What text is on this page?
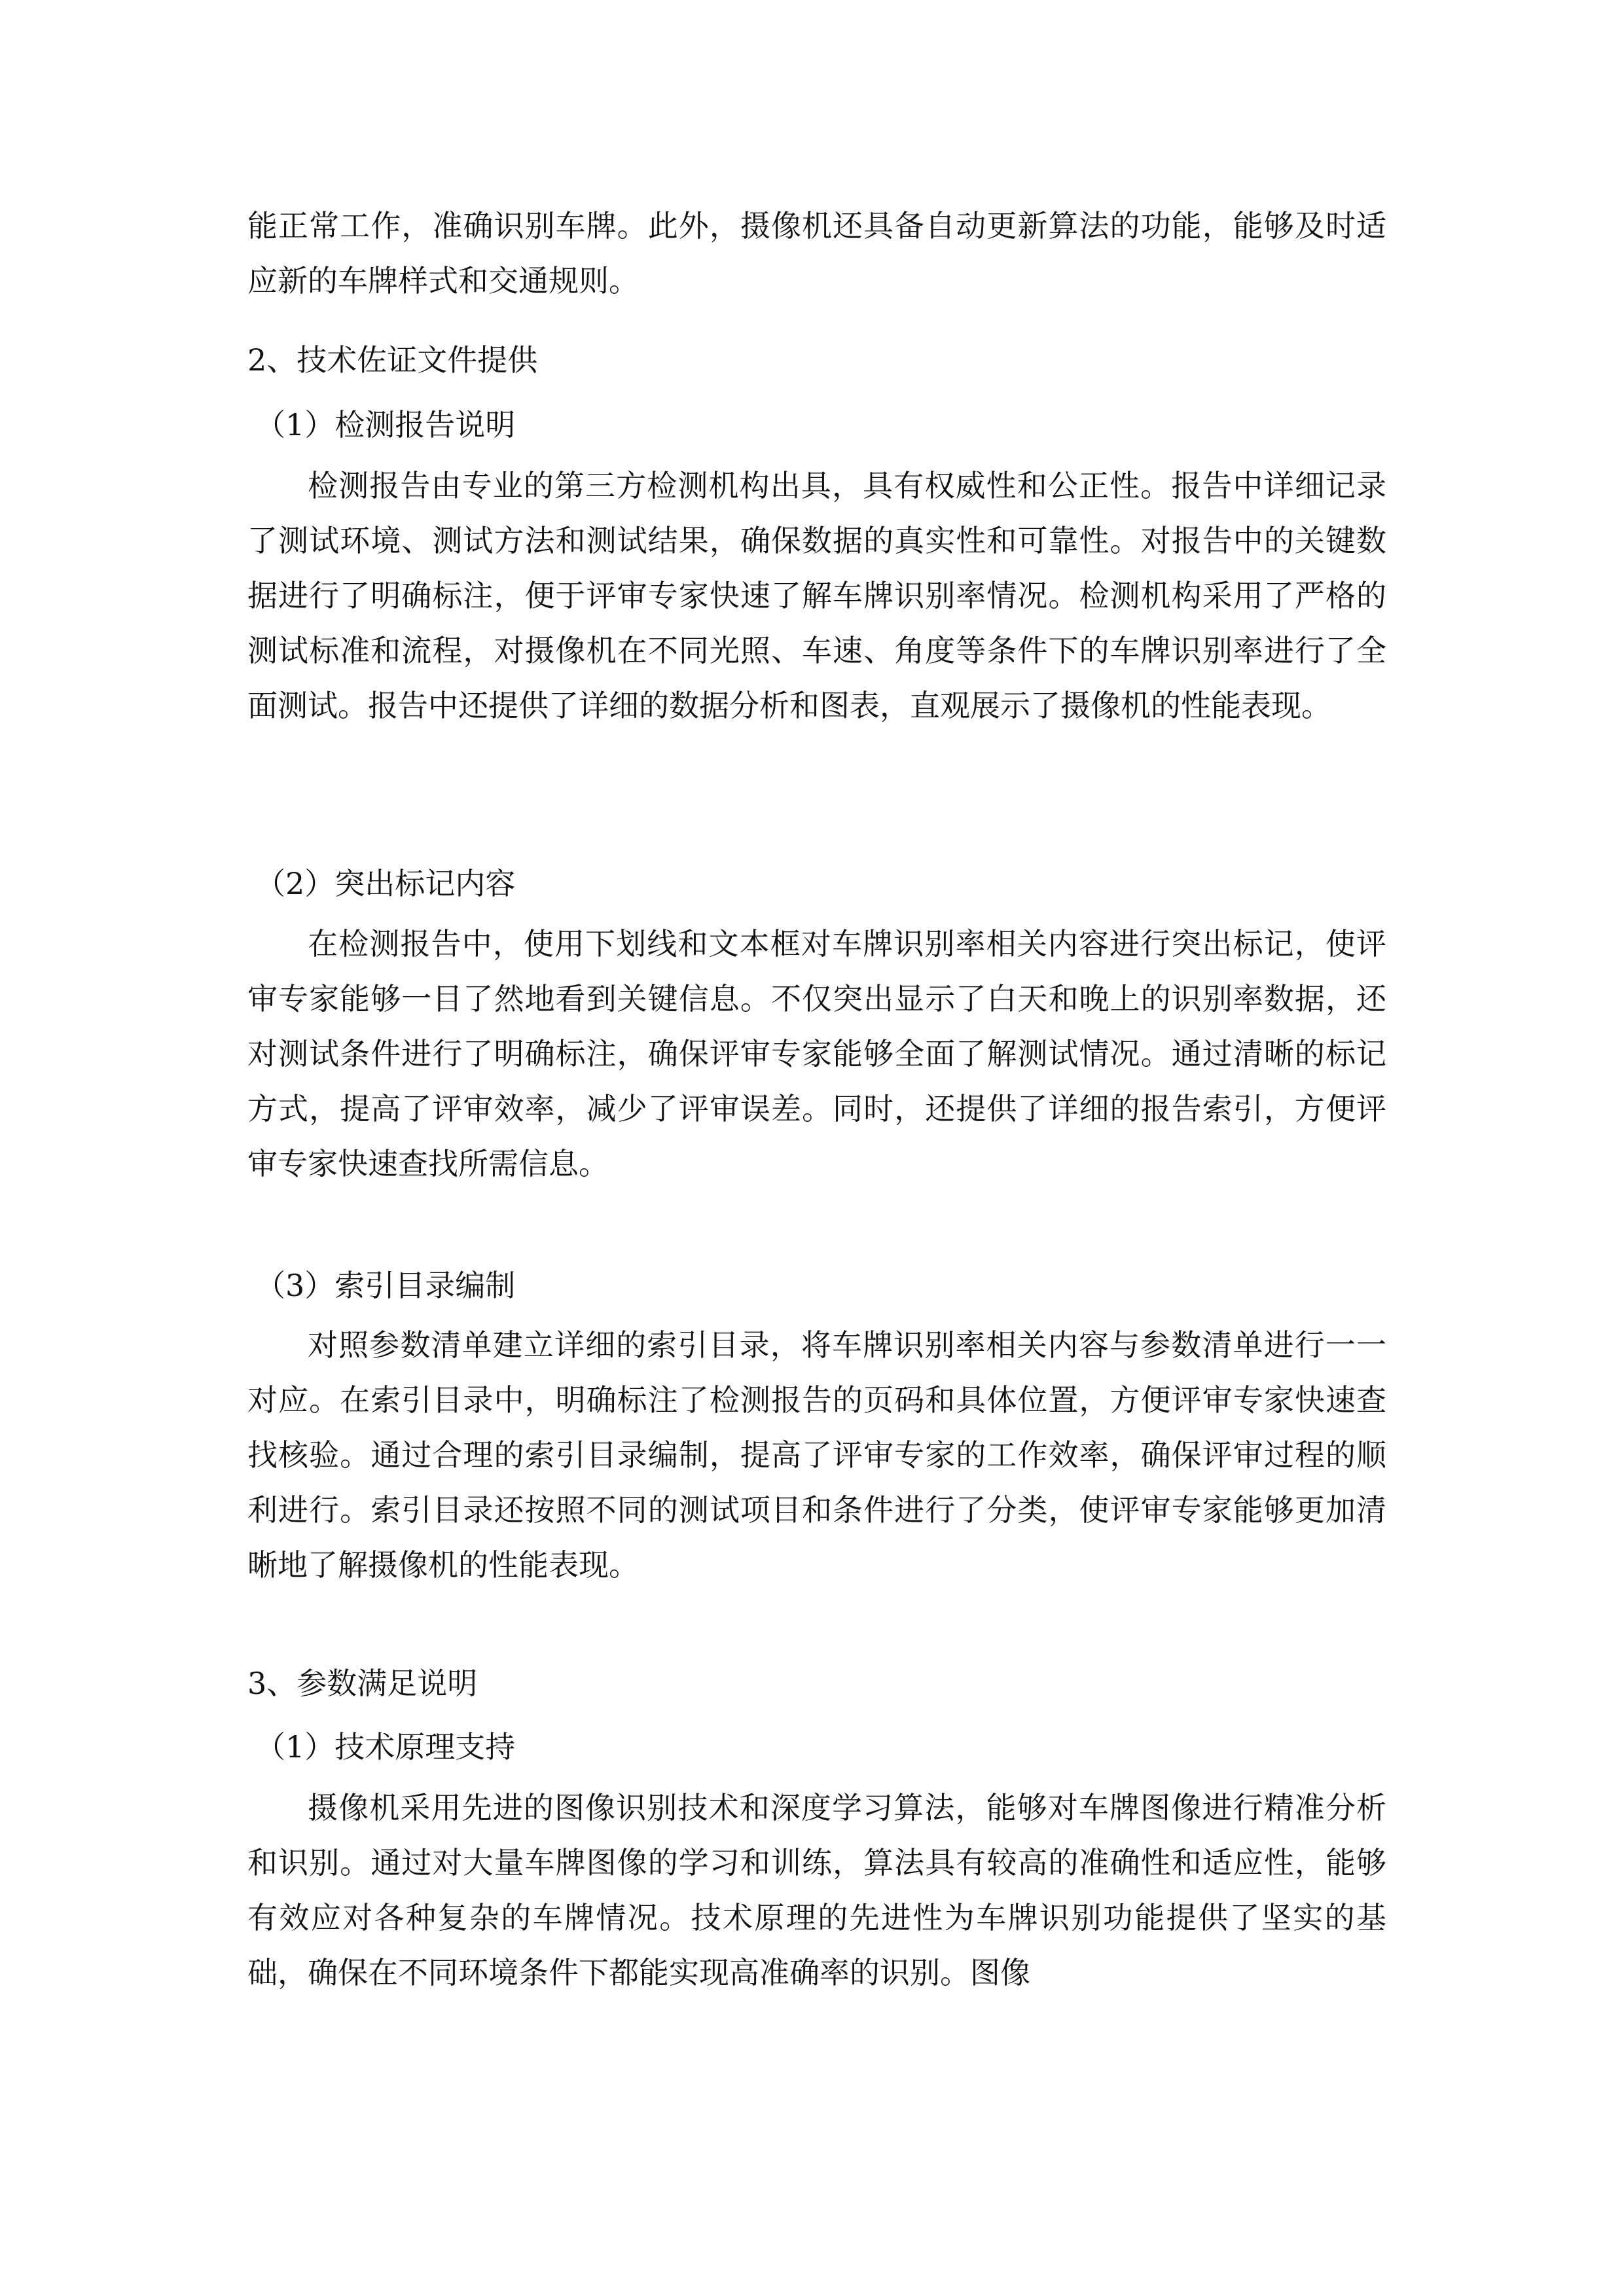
能正常工作，准确识别车牌。此外，摄像机还具备自动更新算法的功能，能够及时适应新的车牌样式和交通规则。

2、技术佐证文件提供

（1）检测报告说明

检测报告由专业的第三方检测机构出具，具有权威性和公正性。报告中详细记录了测试环境、测试方法和测试结果，确保数据的真实性和可靠性。对报告中的关键数据进行了明确标注，便于评审专家快速了解车牌识别率情况。检测机构采用了严格的测试标准和流程，对摄像机在不同光照、车速、角度等条件下的车牌识别率进行了全面测试。报告中还提供了详细的数据分析和图表，直观展示了摄像机的性能表现。

（2）突出标记内容

在检测报告中，使用下划线和文本框对车牌识别率相关内容进行突出标记，使评审专家能够一目了然地看到关键信息。不仅突出显示了白天和晚上的识别率数据，还对测试条件进行了明确标注，确保评审专家能够全面了解测试情况。通过清晰的标记方式，提高了评审效率，减少了评审误差。同时，还提供了详细的报告索引，方便评审专家快速查找所需信息。

（3）索引目录编制

对照参数清单建立详细的索引目录，将车牌识别率相关内容与参数清单进行一一对应。在索引目录中，明确标注了检测报告的页码和具体位置，方便评审专家快速查找核验。通过合理的索引目录编制，提高了评审专家的工作效率，确保评审过程的顺利进行。索引目录还按照不同的测试项目和条件进行了分类，使评审专家能够更加清晰地了解摄像机的性能表现。

3、参数满足说明

（1）技术原理支持

摄像机采用先进的图像识别技术和深度学习算法，能够对车牌图像进行精准分析和识别。通过对大量车牌图像的学习和训练，算法具有较高的准确性和适应性，能够有效应对各种复杂的车牌情况。技术原理的先进性为车牌识别功能提供了坚实的基础，确保在不同环境条件下都能实现高准确率的识别。图像
